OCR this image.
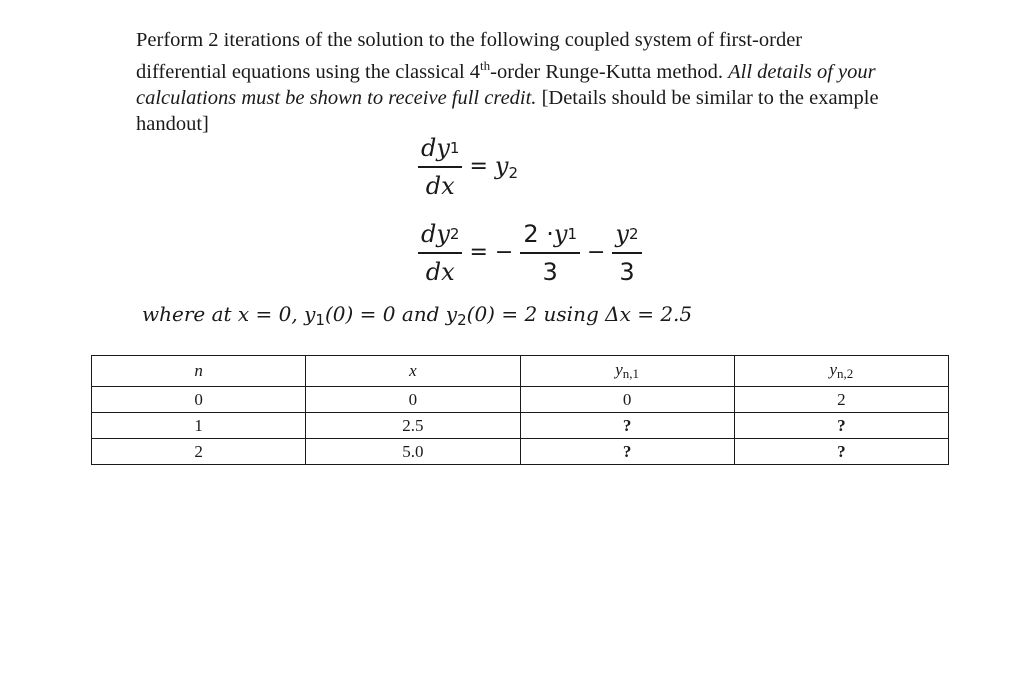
Perform 2 iterations of the solution to the following coupled system of first-order differential equations using the classical 4th-order Runge-Kutta method. All details of your calculations must be shown to receive full credit. [Details should be similar to the example handout]
$\frac{dy 1}{dx} = y_2$
$\frac{dy 2}{dx}$ = − $\frac{2 \cdot y 1}{3} - \frac{y 2}{3}$
where at x = 0, $y_1(0) = 0$ and $y_2(0) = 2$ using Δx = 2.5
n	x	$y_{n,1}$	$y_{n,2}$
0	0	0	2
1	2.5	?	?
2	5.0	?	?
